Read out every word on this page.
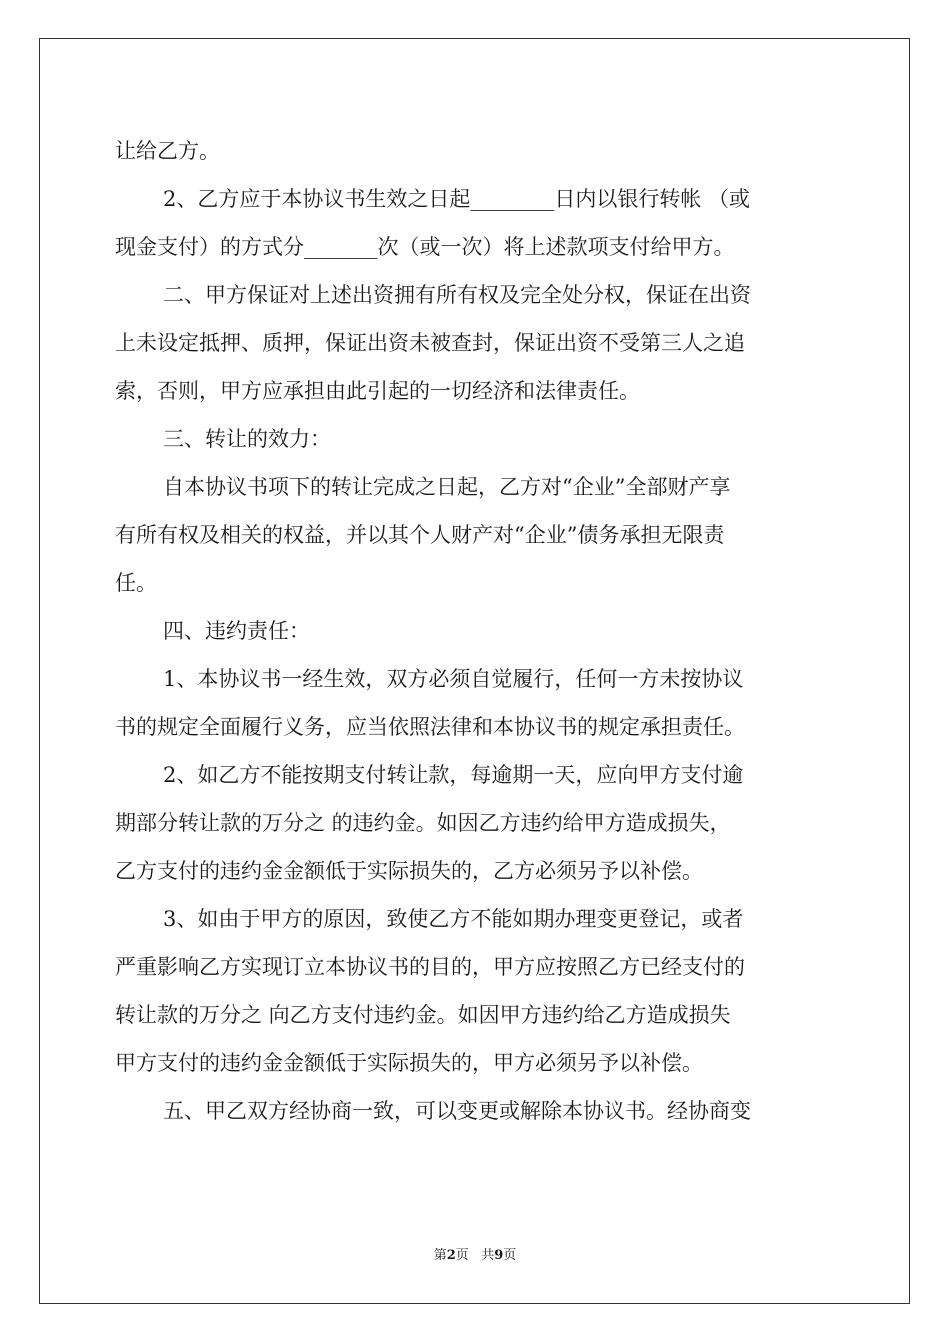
让给乙方。
2、乙方应于本协议书生效之日起________日内以银行转帐 （或
现金支付）的方式分_______次（或一次）将上述款项支付给甲方。
二、甲方保证对上述出资拥有所有权及完全处分权，保证在出资
上未设定抵押、质押，保证出资未被查封，保证出资不受第三人之追
索，否则，甲方应承担由此引起的一切经济和法律责任。
三、转让的效力：
自本协议书项下的转让完成之日起，乙方对“企业”全部财产享
有所有权及相关的权益，并以其个人财产对“企业”债务承担无限责
任。
四、违约责任：
1、本协议书一经生效，双方必须自觉履行，任何一方未按协议
书的规定全面履行义务，应当依照法律和本协议书的规定承担责任。
2、如乙方不能按期支付转让款，每逾期一天，应向甲方支付逾
期部分转让款的万分之 的违约金。如因乙方违约给甲方造成损失，
乙方支付的违约金金额低于实际损失的，乙方必须另予以补偿。
3、如由于甲方的原因，致使乙方不能如期办理变更登记，或者
严重影响乙方实现订立本协议书的目的，甲方应按照乙方已经支付的
转让款的万分之 向乙方支付违约金。如因甲方违约给乙方造成损失
甲方支付的违约金金额低于实际损失的，甲方必须另予以补偿。
五、甲乙双方经协商一致，可以变更或解除本协议书。经协商变
第2页 共9页
